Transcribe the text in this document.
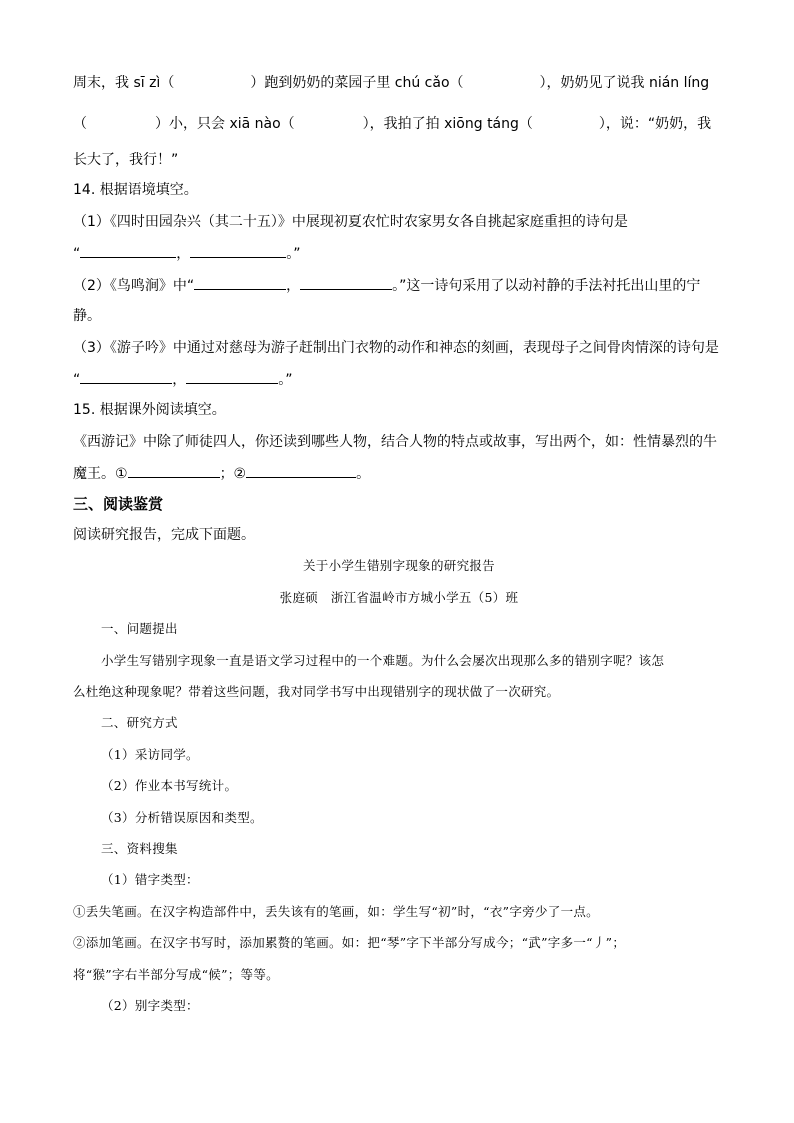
周末，我 sī zì（	）跑到奶奶的菜园子里 chú cǎo（	），奶奶见了说我 nián líng
（	）小，只会 xiā nào（	），我拍了拍 xiōng táng（	），说：“奶奶，我
长大了，我行！”
14. 根据语境填空。
（1）《四时田园杂兴（其二十五）》中展现初夏农忙时农家男女各自挑起家庭重担的诗句是
“	，	。”
（2）《鸟鸣涧》中“	，	。”这一诗句采用了以动衬静的手法衬托出山里的宁
静。
（3）《游子吟》中通过对慈母为游子赶制出门衣物的动作和神态的刻画，表现母子之间骨肉情深的诗句是
“	，	。”
15. 根据课外阅读填空。
《西游记》中除了师徒四人，你还读到哪些人物，结合人物的特点或故事，写出两个，如：性情暴烈的牛
魔王。①	；②	。
三、阅读鉴赏
阅读研究报告，完成下面题。
关于小学生错别字现象的研究报告
张庭硕　浙江省温岭市方城小学五（5）班
一、问题提出
小学生写错别字现象一直是语文学习过程中的一个难题。为什么会屡次出现那么多的错别字呢？该怎
么杜绝这种现象呢？带着这些问题，我对同学书写中出现错别字的现状做了一次研究。
二、研究方式
（1）采访同学。
（2）作业本书写统计。
（3）分析错误原因和类型。
三、资料搜集
（1）错字类型：
①丢失笔画。在汉字构造部件中，丢失该有的笔画，如：学生写“初”时，“衣”字旁少了一点。
②添加笔画。在汉字书写时，添加累赘的笔画。如：把“琴”字下半部分写成今；“武”字多一“丿”；
将“猴”字右半部分写成“候”；等等。
（2）别字类型：
